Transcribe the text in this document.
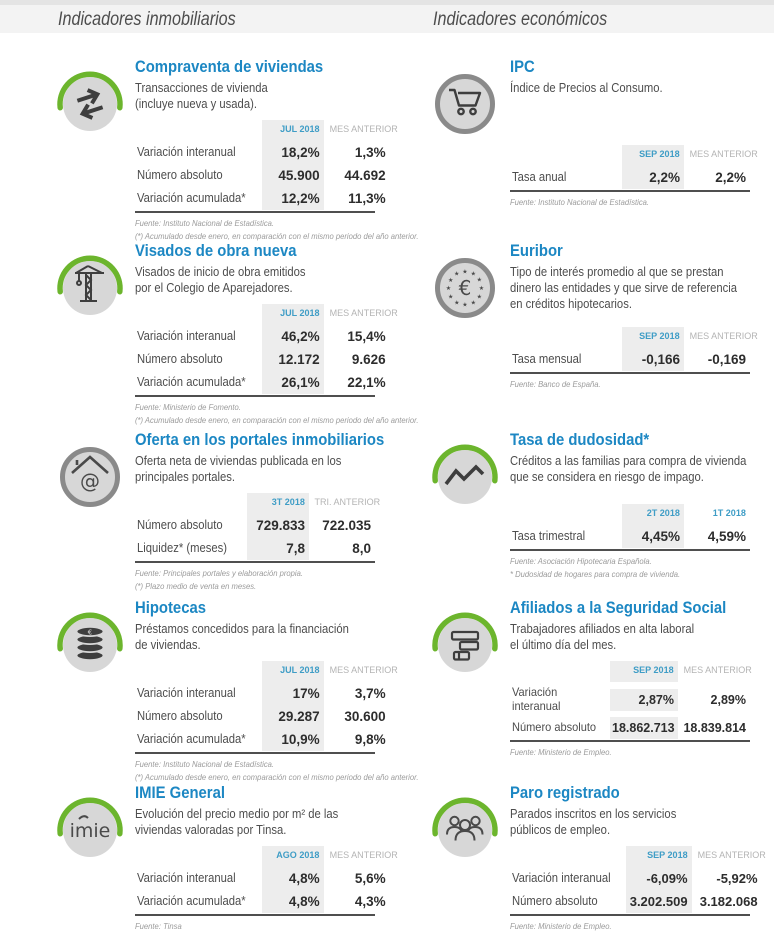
Indicadores inmobiliarios	Indicadores económicos
Compraventa de viviendas
Transacciones de vivienda
(incluye nueva y usada).
JUL 2018	MES ANTERIOR
Variación interanual	18,2%	1,3%
Número absoluto	45.900	44.692
Variación acumulada*	12,2%	11,3%
Fuente: Instituto Nacional de Estadística.
(*) Acumulado desde enero, en comparación con el mismo periodo del año anterior.
Visados de obra nueva
Visados de inicio de obra emitidos
por el Colegio de Aparejadores.
JUL 2018	MES ANTERIOR
Variación interanual	46,2%	15,4%
Número absoluto	12.172	9.626
Variación acumulada*	26,1%	22,1%
Fuente: Ministerio de Fomento.
(*) Acumulado desde enero, en comparación con el mismo periodo del año anterior.
@
Oferta en los portales inmobiliarios
Oferta neta de viviendas publicada en los
principales portales.
3T 2018 TRI. ANTERIOR
Número absoluto	729.833	722.035
Liquidez* (meses)	7,8	8,0
Fuente: Principales portales y elaboración propia.
(*) Plazo medio de venta en meses.
€
Hipotecas
Préstamos concedidos para la financiación
de viviendas.
JUL 2018	MES ANTERIOR
Variación interanual	17%	3,7%
Número absoluto	29.287	30.600
Variación acumulada*	10,9%	9,8%
Fuente: Instituto Nacional de Estadística.
(*) Acumulado desde enero, en comparación con el mismo periodo del año anterior.
imie
IMIE General
Evolución del precio medio por m² de las
viviendas valoradas por Tinsa.
AGO 2018	MES ANTERIOR
Variación interanual	4,8%	5,6%
Variación acumulada*	4,8%	4,3%
Fuente: Tinsa
IPC
Índice de Precios al Consumo.
SEP 2018	MES ANTERIOR
Tasa anual	2,2%	2,2%
Fuente: Instituto Nacional de Estadística.
★
★
★
★
★
★
★
★
★ ★ ★
★
€
Euribor
Tipo de interés promedio al que se prestan
dinero las entidades y que sirve de referencia
en créditos hipotecarios.
SEP 2018	MES ANTERIOR
Tasa mensual	-0,166	-0,169
Fuente: Banco de España.
Tasa de dudosidad*
Créditos a las familias para compra de vivienda
que se considera en riesgo de impago.
2T 2018	1T 2018
Tasa trimestral	4,45%	4,59%
Fuente: Asociación Hipotecaria Española.
* Dudosidad de hogares para compra de vivienda.
Afiliados a la Seguridad Social
Trabajadores afiliados en alta laboral
el último día del mes.
SEP 2018	MES ANTERIOR
Variación interanual	2,87%	2,89%
Número absoluto	18.862.713 18.839.814
Fuente: Ministerio de Empleo.
Paro registrado
Parados inscritos en los servicios
públicos de empleo.
SEP 2018	MES ANTERIOR
Variación interanual	-6,09%	-5,92%
Número absoluto	3.202.509 3.182.068
Fuente: Ministerio de Empleo.
